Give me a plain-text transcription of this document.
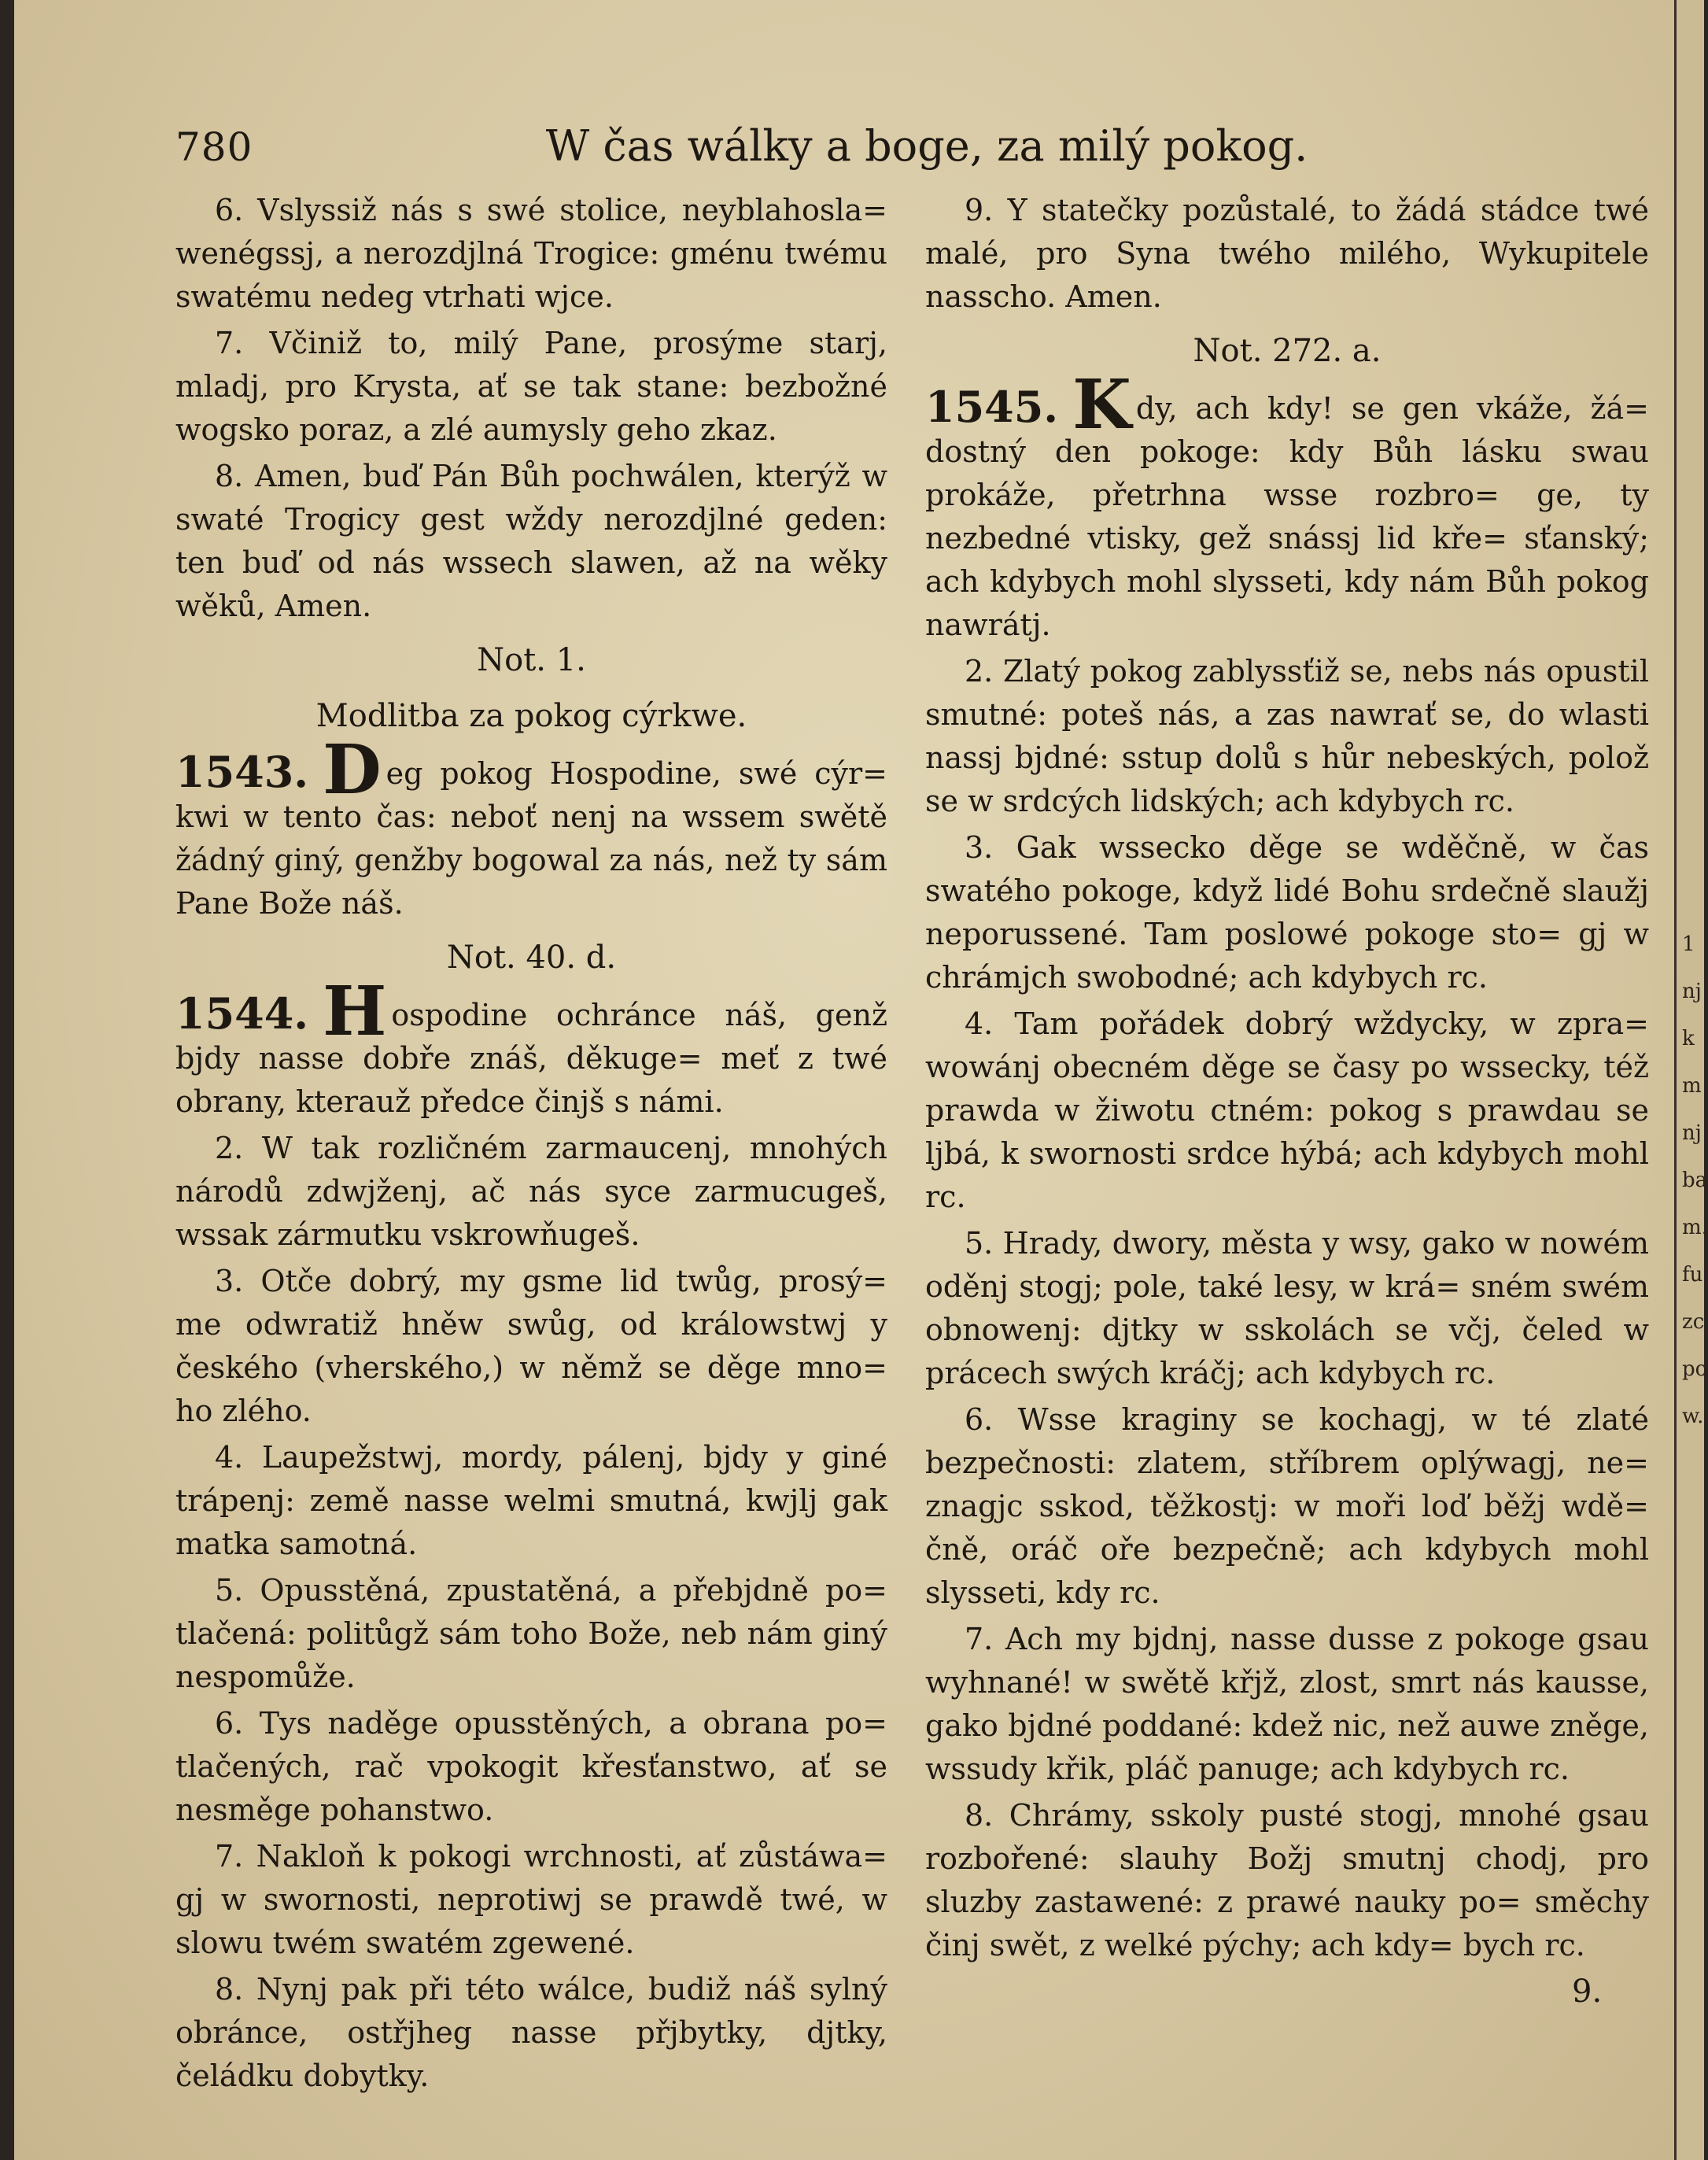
780	W čas wálky a boge, za milý pokog.

6. Vslyssiž nás s swé stolice, neyblahosla= wenégssj, a nerozdjlná Trogice: gménu twému swatému nedeg vtrhati wjce.

7. Včiniž to, milý Pane, prosýme starj, mladj, pro Krysta, ať se tak stane: bezbožné wogsko poraz, a zlé aumysly geho zkaz.

8. Amen, buď Pán Bůh pochwálen, kterýž w swaté Trogicy gest wždy nerozdjlné geden: ten buď od nás wssech slawen, až na wěky wěků, Amen.

Not. 1.

Modlitba za pokog cýrkwe.

1543. D eg pokog Hospodine, swé cýr= kwi w tento čas: neboť nenj na wssem swětě žádný giný, genžby bogowal za nás, než ty sám Pane Bože náš.

Not. 40. d.

1544. H ospodine ochránce náš, genž bjdy nasse dobře znáš, děkuge= meť z twé obrany, kterauž předce činjš s námi.

2. W tak rozličném zarmaucenj, mnohých národů zdwjženj, ač nás syce zarmucugeš, wssak zármutku vskrowňugeš.

3. Otče dobrý, my gsme lid twůg, prosý= me odwratiž hněw swůg, od králowstwj y českého (vherského,) w němž se děge mno= ho zlého.

4. Laupežstwj, mordy, pálenj, bjdy y giné trápenj: země nasse welmi smutná, kwjlj gak matka samotná.

5. Opusstěná, zpustatěná, a přebjdně po= tlačená: politůgž sám toho Bože, neb nám giný nespomůže.

6. Tys naděge opusstěných, a obrana po= tlačených, rač vpokogit křesťanstwo, ať se nesměge pohanstwo.

7. Nakloň k pokogi wrchnosti, ať zůstáwa= gj w swornosti, neprotiwj se prawdě twé, w slowu twém swatém zgewené.

8. Nynj pak při této wálce, budiž náš sylný obránce, ostřjheg nasse přjbytky, djtky, čeládku dobytky.

9. Y statečky pozůstalé, to žádá stádce twé malé, pro Syna twého milého, Wykupitele nasscho. Amen.

Not. 272. a.

1545. K dy, ach kdy! se gen vkáže, žá= dostný den pokoge: kdy Bůh lásku swau prokáže, přetrhna wsse rozbro= ge, ty nezbedné vtisky, gež snássj lid kře= sťanský; ach kdybych mohl slysseti, kdy nám Bůh pokog nawrátj.

2. Zlatý pokog zablyssťiž se, nebs nás opustil smutné: poteš nás, a zas nawrať se, do wlasti nassj bjdné: sstup dolů s hůr nebeských, polož se w srdcých lidských; ach kdybych rc.

3. Gak wssecko děge se wděčně, w čas swatého pokoge, když lidé Bohu srdečně slaužj neporussené. Tam poslowé pokoge sto= gj w chrámjch swobodné; ach kdybych rc.

4. Tam pořádek dobrý wždycky, w zpra= wowánj obecném děge se časy po wssecky, též prawda w žiwotu ctném: pokog s prawdau se ljbá, k swornosti srdce hýbá; ach kdybych mohl rc.

5. Hrady, dwory, města y wsy, gako w nowém oděnj stogj; pole, také lesy, w krá= sném swém obnowenj: djtky w sskolách se včj, čeled w prácech swých kráčj; ach kdybych rc.

6. Wsse kraginy se kochagj, w té zlaté bezpečnosti: zlatem, stříbrem oplýwagj, ne= znagjc sskod, těžkostj: w moři loď běžj wdě= čně, oráč oře bezpečně; ach kdybych mohl slysseti, kdy rc.

7. Ach my bjdnj, nasse dusse z pokoge gsau wyhnané! w swětě křjž, zlost, smrt nás kausse, gako bjdné poddané: kdež nic, než auwe zněge, wssudy křik, pláč panuge; ach kdybych rc.

8. Chrámy, sskoly pusté stogj, mnohé gsau rozbořené: slauhy Božj smutnj chodj, pro sluzby zastawené: z prawé nauky po= směchy činj swět, z welké pýchy; ach kdy= bych rc.

9.
1
nj
k
m
nj
ba
m.
fu
zc
po
w.
